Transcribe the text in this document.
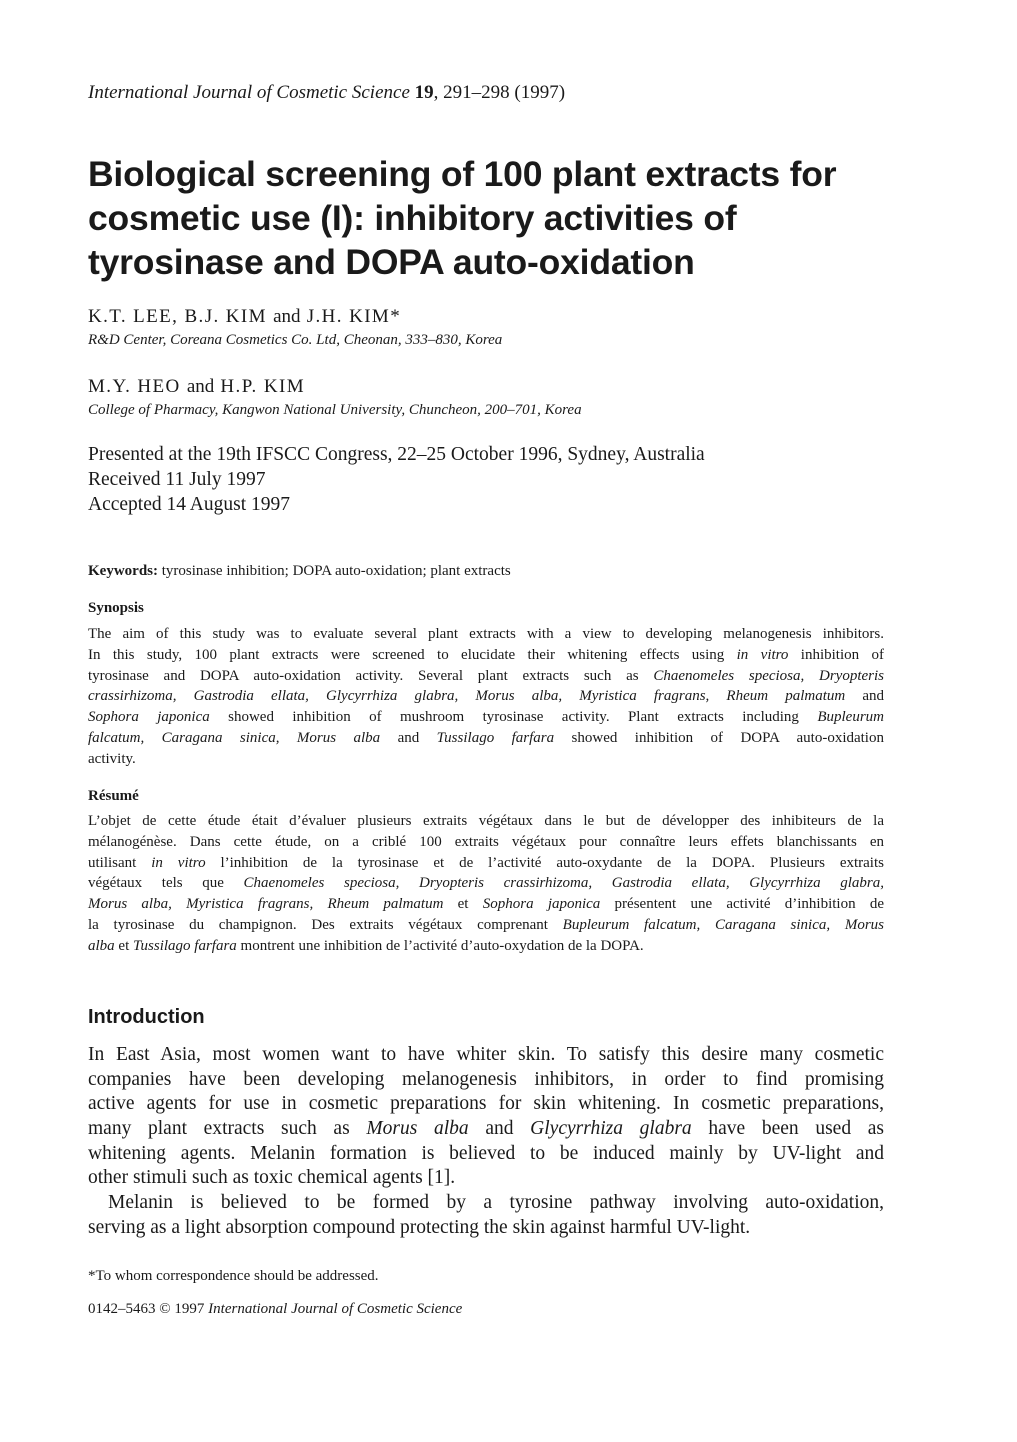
International Journal of Cosmetic Science 19, 291–298 (1997)
Biological screening of 100 plant extracts for
cosmetic use (I): inhibitory activities of
tyrosinase and DOPA auto-oxidation
K.T. LEE, B.J. KIM and J.H. KIM*
R&D Center, Coreana Cosmetics Co. Ltd, Cheonan, 333–830, Korea
M.Y. HEO and H.P. KIM
College of Pharmacy, Kangwon National University, Chuncheon, 200–701, Korea
Presented at the 19th IFSCC Congress, 22–25 October 1996, Sydney, Australia
Received 11 July 1997
Accepted 14 August 1997
Keywords: tyrosinase inhibition; DOPA auto-oxidation; plant extracts
Synopsis
The aim of this study was to evaluate several plant extracts with a view to developing melanogenesis inhibitors.
In this study, 100 plant extracts were screened to elucidate their whitening effects using in vitro inhibition of
tyrosinase and DOPA auto-oxidation activity. Several plant extracts such as Chaenomeles speciosa, Dryopteris
crassirhizoma, Gastrodia ellata, Glycyrrhiza glabra, Morus alba, Myristica fragrans, Rheum palmatum and
Sophora japonica showed inhibition of mushroom tyrosinase activity. Plant extracts including Bupleurum
falcatum, Caragana sinica, Morus alba and Tussilago farfara showed inhibition of DOPA auto-oxidation
activity.
Résumé
L’objet de cette étude était d’évaluer plusieurs extraits végétaux dans le but de développer des inhibiteurs de la
mélanogénèse. Dans cette étude, on a criblé 100 extraits végétaux pour connaître leurs effets blanchissants en
utilisant in vitro l’inhibition de la tyrosinase et de l’activité auto-oxydante de la DOPA. Plusieurs extraits
végétaux tels que Chaenomeles speciosa, Dryopteris crassirhizoma, Gastrodia ellata, Glycyrrhiza glabra,
Morus alba, Myristica fragrans, Rheum palmatum et Sophora japonica présentent une activité d’inhibition de
la tyrosinase du champignon. Des extraits végétaux comprenant Bupleurum falcatum, Caragana sinica, Morus
alba et Tussilago farfara montrent une inhibition de l’activité d’auto-oxydation de la DOPA.
Introduction
In East Asia, most women want to have whiter skin. To satisfy this desire many cosmetic
companies have been developing melanogenesis inhibitors, in order to find promising
active agents for use in cosmetic preparations for skin whitening. In cosmetic preparations,
many plant extracts such as Morus alba and Glycyrrhiza glabra have been used as
whitening agents. Melanin formation is believed to be induced mainly by UV-light and
other stimuli such as toxic chemical agents [1].
Melanin is believed to be formed by a tyrosine pathway involving auto-oxidation,
serving as a light absorption compound protecting the skin against harmful UV-light.
*To whom correspondence should be addressed.
0142–5463 © 1997 International Journal of Cosmetic Science
